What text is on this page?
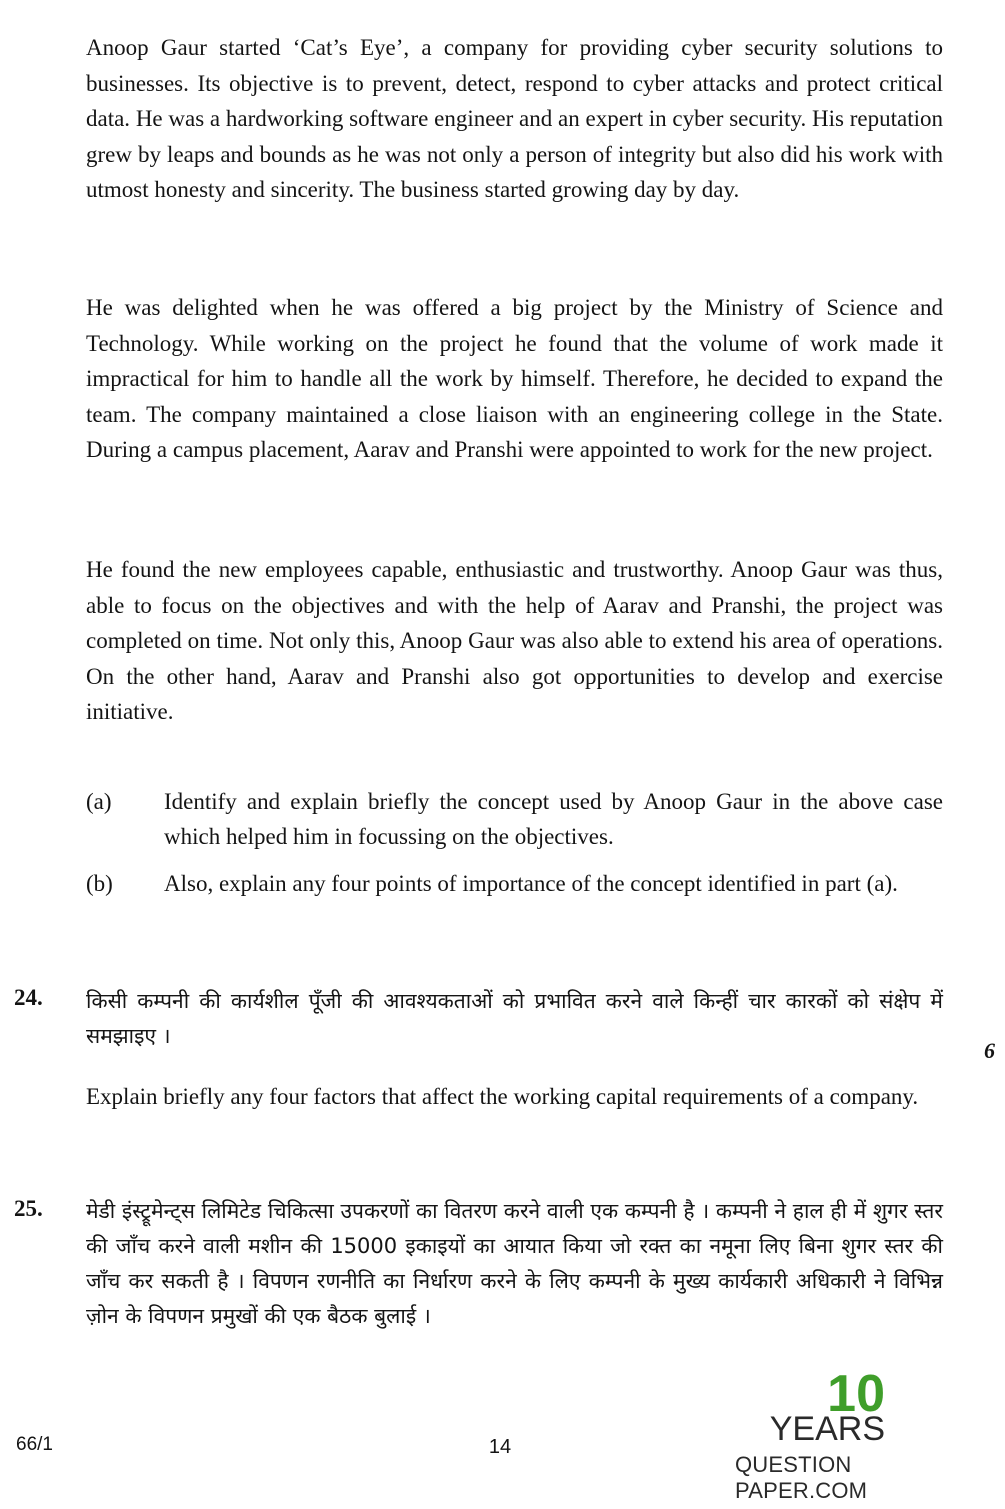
Anoop Gaur started ‘Cat’s Eye’, a company for providing cyber security solutions to businesses. Its objective is to prevent, detect, respond to cyber attacks and protect critical data. He was a hardworking software engineer and an expert in cyber security. His reputation grew by leaps and bounds as he was not only a person of integrity but also did his work with utmost honesty and sincerity. The business started growing day by day.
He was delighted when he was offered a big project by the Ministry of Science and Technology. While working on the project he found that the volume of work made it impractical for him to handle all the work by himself. Therefore, he decided to expand the team. The company maintained a close liaison with an engineering college in the State. During a campus placement, Aarav and Pranshi were appointed to work for the new project.
He found the new employees capable, enthusiastic and trustworthy. Anoop Gaur was thus, able to focus on the objectives and with the help of Aarav and Pranshi, the project was completed on time. Not only this, Anoop Gaur was also able to extend his area of operations. On the other hand, Aarav and Pranshi also got opportunities to develop and exercise initiative.
(a) Identify and explain briefly the concept used by Anoop Gaur in the above case which helped him in focussing on the objectives.
(b) Also, explain any four points of importance of the concept identified in part (a).
24. किसी कम्पनी की कार्यशील पूँजी की आवश्यकताओं को प्रभावित करने वाले किन्हीं चार कारकों को संक्षेप में समझाइए ।
6
Explain briefly any four factors that affect the working capital requirements of a company.
25. मेडी इंस्ट्रूमेन्ट्स लिमिटेड चिकित्सा उपकरणों का वितरण करने वाली एक कम्पनी है । कम्पनी ने हाल ही में शुगर स्तर की जाँच करने वाली मशीन की 15000 इकाइयों का आयात किया जो रक्त का नमूना लिए बिना शुगर स्तर की जाँच कर सकती है । विपणन रणनीति का निर्धारण करने के लिए कम्पनी के मुख्य कार्यकारी अधिकारी ने विभिन्न ज़ोन के विपणन प्रमुखों की एक बैठक बुलाई ।
66/1	14
10
YEARS
QUESTION PAPER.COM
